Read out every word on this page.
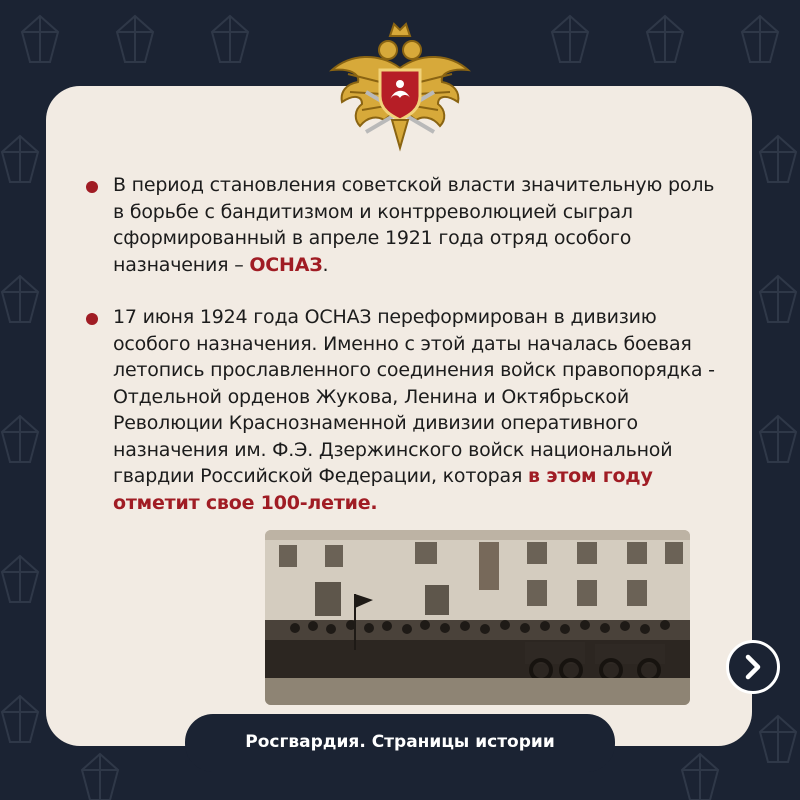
В период становления советской власти значительную роль в борьбе с бандитизмом и контрреволюцией сыграл сформированный в апреле 1921 года отряд особого назначения – ОСНАЗ.
17 июня 1924 года ОСНАЗ переформирован в дивизию особого назначения. Именно с этой даты началась боевая летопись прославленного соединения войск правопорядка - Отдельной орденов Жукова, Ленина и Октябрьской Революции Краснознаменной дивизии оперативного назначения им. Ф.Э. Дзержинского войск национальной гвардии Российской Федерации, которая в этом году отметит свое 100-летие.
Росгвардия. Страницы истории
